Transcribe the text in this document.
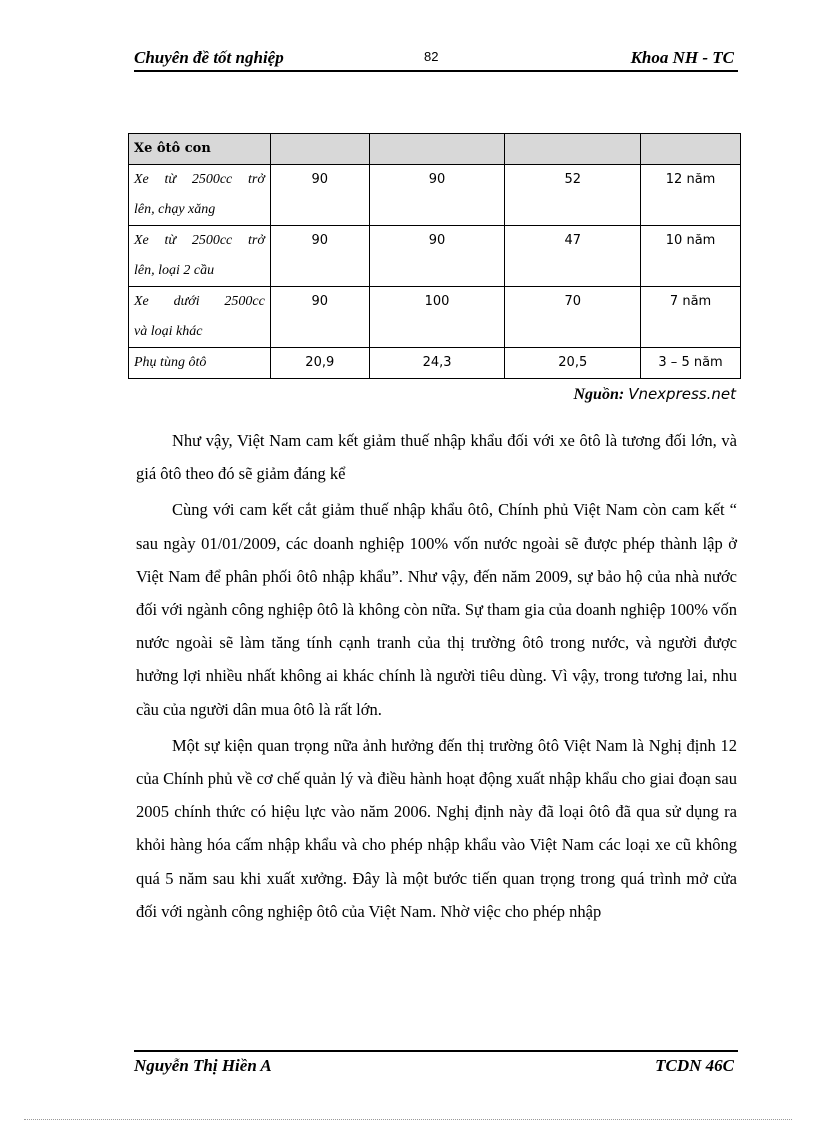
Chuyên đề tốt nghiệp	82	Khoa NH - TC
Xe ôtô con				

Xe từ 2500cc trở
lên, chạy xăng	90	90	52	12 năm

Xe từ 2500cc trở
lên, loại 2 cầu	90	90	47	10 năm

Xe dưới 2500cc
và loại khác	90	100	70	7 năm
Phụ tùng ôtô	20,9	24,3	20,5	3 – 5 năm
Nguồn: Vnexpress.net

Như vậy, Việt Nam cam kết giảm thuế nhập khẩu đối với xe ôtô là tương đối lớn, và giá ôtô theo đó sẽ giảm đáng kể

Cùng với cam kết cắt giảm thuế nhập khẩu ôtô, Chính phủ Việt Nam còn cam kết “ sau ngày 01/01/2009, các doanh nghiệp 100% vốn nước ngoài sẽ được phép thành lập ở Việt Nam để phân phối ôtô nhập khẩu”. Như vậy, đến năm 2009, sự bảo hộ của nhà nước đối với ngành công nghiệp ôtô là không còn nữa. Sự tham gia của doanh nghiệp 100% vốn nước ngoài sẽ làm tăng tính cạnh tranh của thị trường ôtô trong nước, và người được hưởng lợi nhiều nhất không ai khác chính là người tiêu dùng. Vì vậy, trong tương lai, nhu cầu của người dân mua ôtô là rất lớn.

Một sự kiện quan trọng nữa ảnh hưởng đến thị trường ôtô Việt Nam là Nghị định 12 của Chính phủ về cơ chế quản lý và điều hành hoạt động xuất nhập khẩu cho giai đoạn sau 2005 chính thức có hiệu lực vào năm 2006. Nghị định này đã loại ôtô đã qua sử dụng ra khỏi hàng hóa cấm nhập khẩu và cho phép nhập khẩu vào Việt Nam các loại xe cũ không quá 5 năm sau khi xuất xưởng. Đây là một bước tiến quan trọng trong quá trình mở cửa đối với ngành công nghiệp ôtô của Việt Nam. Nhờ việc cho phép nhập

Nguyễn Thị Hiền A	TCDN 46C
